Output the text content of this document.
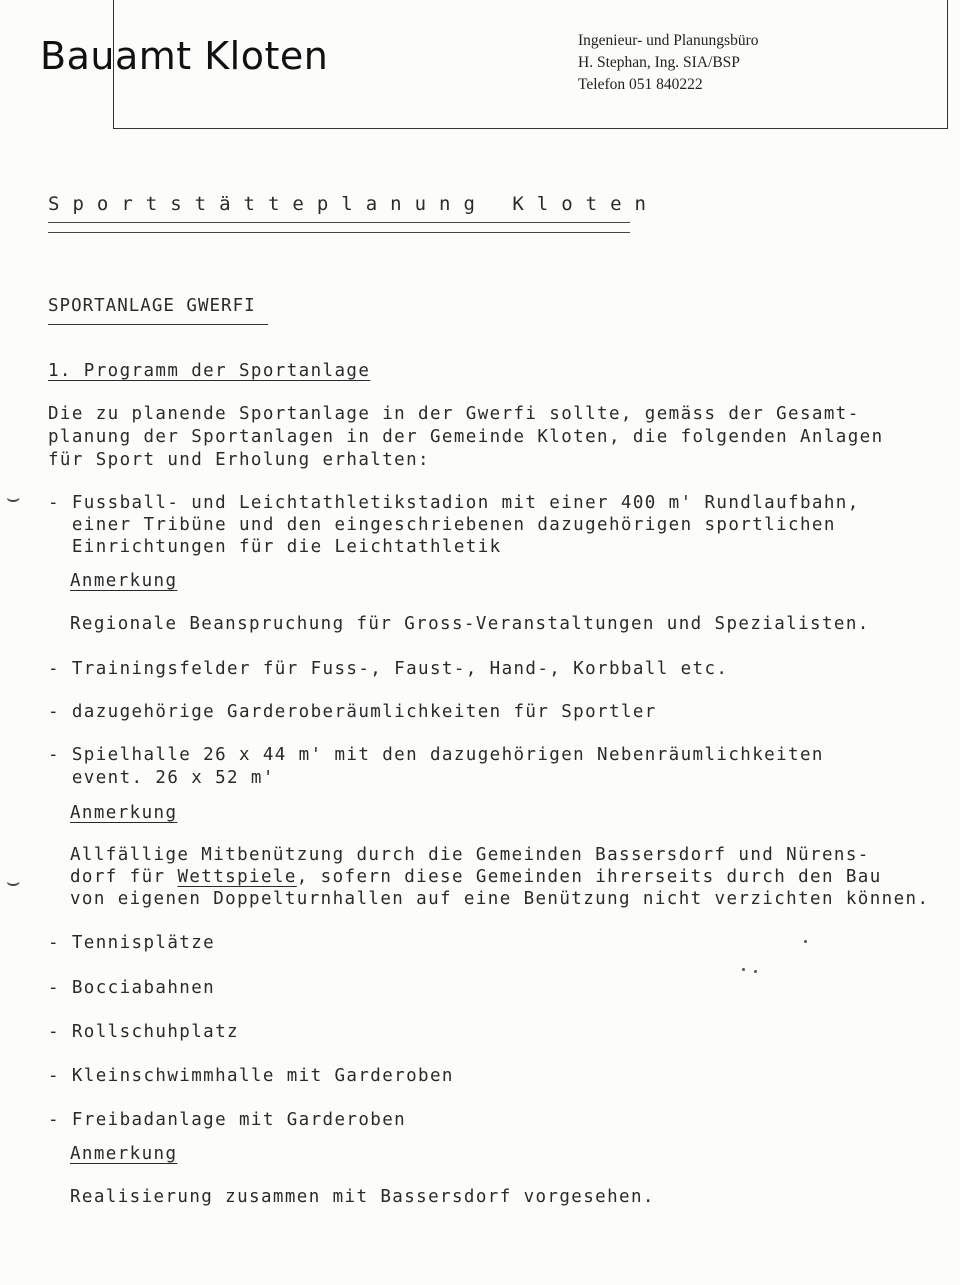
Bauamt Kloten	Ingenieur- und Planungsbüro
H. Stephan, Ing. SIA/BSP
Telefon 051 840222
Sportstätteplanung Kloten
SPORTANLAGE GWERFI
1. Programm der Sportanlage
Die zu planende Sportanlage in der Gwerfi sollte, gemäss der Gesamt-
planung der Sportanlagen in der Gemeinde Kloten, die folgenden Anlagen
für Sport und Erholung erhalten:
⌣ - Fussball- und Leichtathletikstadion mit einer 400 m' Rundlaufbahn,
einer Tribüne und den eingeschriebenen dazugehörigen sportlichen
Einrichtungen für die Leichtathletik
Anmerkung
Regionale Beanspruchung für Gross-Veranstaltungen und Spezialisten.
- Trainingsfelder für Fuss-, Faust-, Hand-, Korbball etc.
- dazugehörige Garderoberäumlichkeiten für Sportler
- Spielhalle 26 x 44 m' mit den dazugehörigen Nebenräumlichkeiten
event. 26 x 52 m'
Anmerkung
⌣
Allfällige Mitbenützung durch die Gemeinden Bassersdorf und Nürens-
dorf für Wettspiele, sofern diese Gemeinden ihrerseits durch den Bau
von eigenen Doppelturnhallen auf eine Benützung nicht verzichten können.
- Tennisplätze
- Bocciabahnen
- Rollschuhplatz
- Kleinschwimmhalle mit Garderoben
- Freibadanlage mit Garderoben
Anmerkung
Realisierung zusammen mit Bassersdorf vorgesehen.
